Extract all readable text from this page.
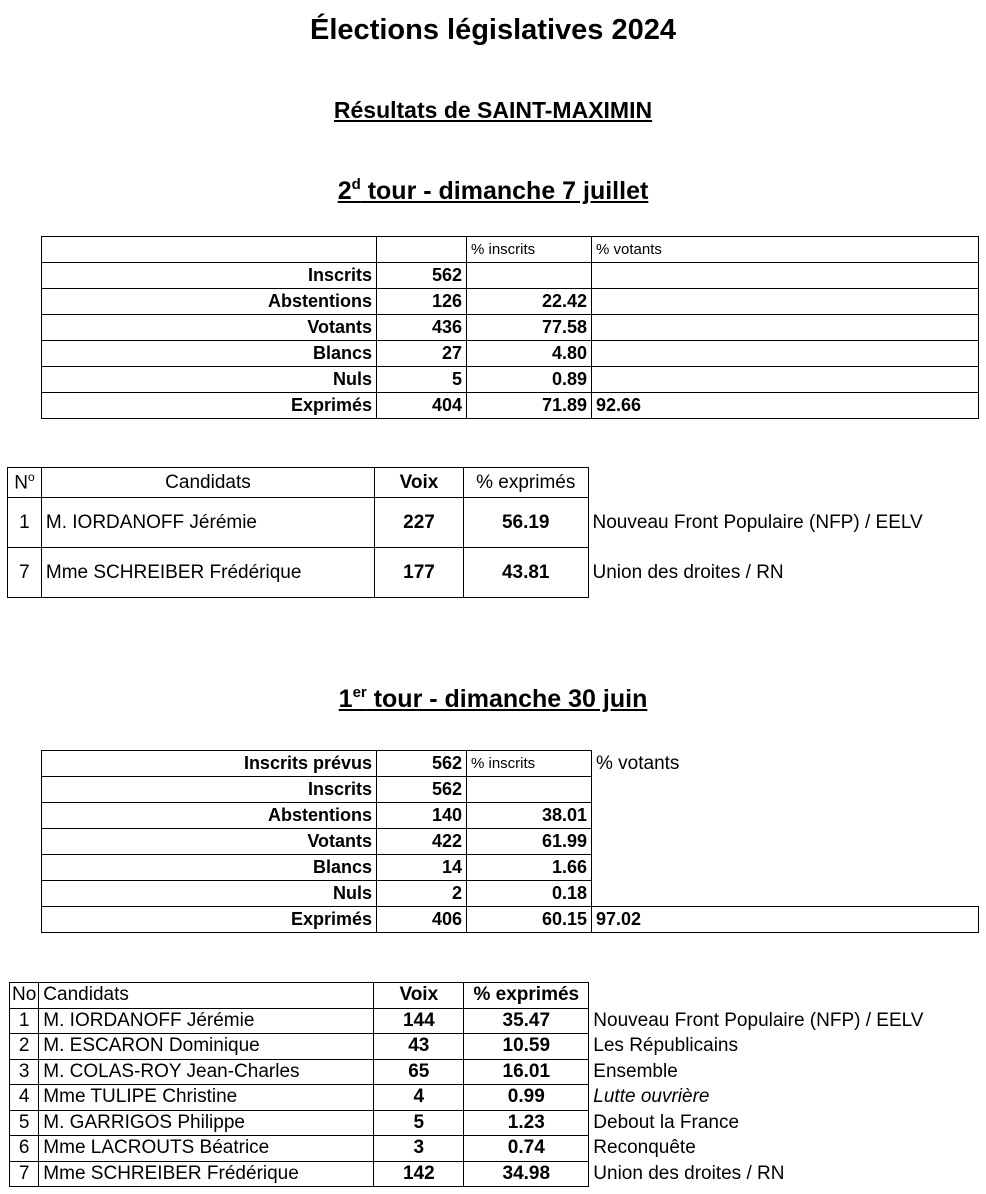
Élections législatives 2024
Résultats de SAINT-MAXIMIN
2$^d$ tour - dimanche 7 juillet
		% inscrits	% votants
Inscrits	562		
Abstentions	126	22.42	
Votants	436	77.58	
Blancs	27	4.80	
Nuls	5	0.89	
Exprimés	404	71.89	92.66
$N^o$	Candidats	Voix	% exprimés	
1	M. IORDANOFF Jérémie	227	56.19	Nouveau Front Populaire (NFP) / EELV
7	Mme SCHREIBER Frédérique	177	43.81	Union des droites / RN
1er tour - dimanche 30 juin
Inscrits prévus	562	% inscrits	% votants
Inscrits	562		
Abstentions	140	38.01	
Votants	422	61.99	
Blancs	14	1.66	
Nuls	2	0.18	
Exprimés	406	60.15	97.02
No	Candidats	Voix	% exprimés	
1	M. IORDANOFF Jérémie	144	35.47	Nouveau Front Populaire (NFP) / EELV
2	M. ESCARON Dominique	43	10.59	Les Républicains
3	M. COLAS-ROY Jean-Charles	65	16.01	Ensemble
4	Mme TULIPE Christine	4	0.99	Lutte ouvrière
5	M. GARRIGOS Philippe	5	1.23	Debout la France
6	Mme LACROUTS Béatrice	3	0.74	Reconquête
7	Mme SCHREIBER Frédérique	142	34.98	Union des droites / RN
